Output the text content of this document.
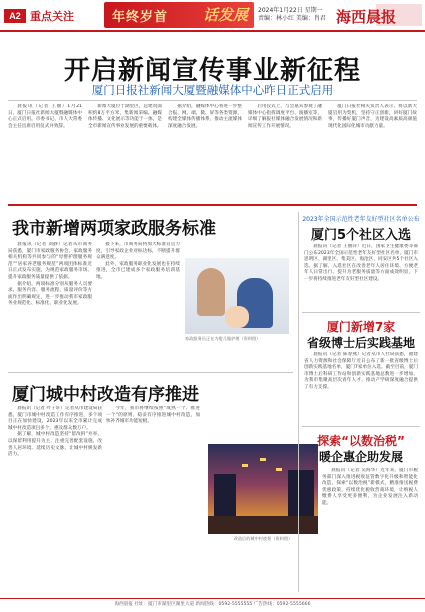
A2 重点关注	年终岁首 话发展 2024年1月22日 星期一
责编：林小红 美编：肖君 海西晨报
开启新闻宣传事业新征程
厦门日报社新闻大厦暨融媒体中心昨日正式启用

晨报讯（记者 王丽）1月21日，厦门日报社新闻大厦暨融媒体中心正式启用。市委书记、市人大常委会主任出席启用仪式并致辞。

新闻大厦位于湖里区，总建筑面积约8万平方米，集新闻采编、融媒体传播、文化展示等功能于一体，是全市新闻宣传事业发展的重要载体。

据介绍，融媒体中心将进一步整合报、网、端、微、屏等各类资源，构建全媒体传播体系，推动主流媒体深度融合发展。

启用仪式上，与会嘉宾参观了融媒体中心指挥调度平台、演播室等，详细了解报社媒体融合发展情况和新闻宣传工作开展情况。

厦门日报社相关负责人表示，将以新大厦启用为契机，坚持守正创新，讲好厦门故事，传播好厦门声音，为建设高素质高颜值现代化国际化城市贡献力量。

我市新增两项家政服务标准

晨报讯（记者 刘静）记者从市商务局获悉，厦门市家政服务协会、家政服务相关机构等共同参与的“母婴护理服务规范”“居家养老服务规范”两项团体标准近日正式发布实施，为规范家政服务市场、提升家政服务质量提供了依据。

据介绍，两项标准分别从服务人员要求、服务内容、服务流程、质量评价等方面作出明确规定，进一步推动我市家政服务业规范化、标准化、职业化发展。

接下来，市商务局将加大标准宣贯力度，引导家政企业对标达标，不断提升群众满意度。

此外，家政服务职业化发展也在持续推进，全市已建成多个家政服务培训基地。

家政服务员正在为婴儿做护理（资料图）
厦门城中村改造有序推进

晨报讯（记者 叶子轩）记者从市建设局获悉，厦门市城中村改造工作有序推进，多个项目正在加快建设，2023年以来全市累计完成城中村改造项目多个，惠及群众数万户。

据了解，城中村改造坚持“留改拆”并举，以保留利用提升为主，注重完善配套设施、改善人居环境、延续历史文脉，让城中村焕发新活力。

今年，我市将继续按照“成熟一个、推进一个”的原则，稳妥有序推进城中村改造，加快补齐城市功能短板。

改造后的城中村夜景（资料图）
2023年全国示范性老年友好型社区名单公布
厦门5个社区入选

晨报讯（记者 王丽萍）近日，国家卫生健康委等部门公布2023年全国示范性老年友好型社区名单，厦门市思明区、湖里区、集美区、海沧区、同安区共5个社区入选。据了解，入选社区在改善老年人居住环境、方便老年人日常出行、提升为老服务质量等方面成效明显，下一步将持续推进老年友好型社区建设。

厦门新增7家
省级博士后实践基地

晨报讯（记者 陈春燕）记者从市人社局获悉，福建省人力资源和社会保障厅近日公布了新一批省级博士后创新实践基地名单，厦门7家单位入选。截至目前，厦门市博士后科研工作站和创新实践基地总数进一步增加，为我市集聚高层次青年人才、推动产学研深度融合提供了有力支撑。

探索“以数治税”
暖企惠企助发展

晨报讯（记者 吴海华）近年来，厦门市税务部门深入推进税收征管数字化升级和智能化改造，探索“以数治税”新模式，精准推送税费优惠政策，持续优化税收营商环境，让纳税人缴费人享受更多便利，为企业发展注入新动能。

海西晨报 社址：厦门市湖里区湖里大道 新闻热线：0592-5555555 广告热线：0592-5555666
